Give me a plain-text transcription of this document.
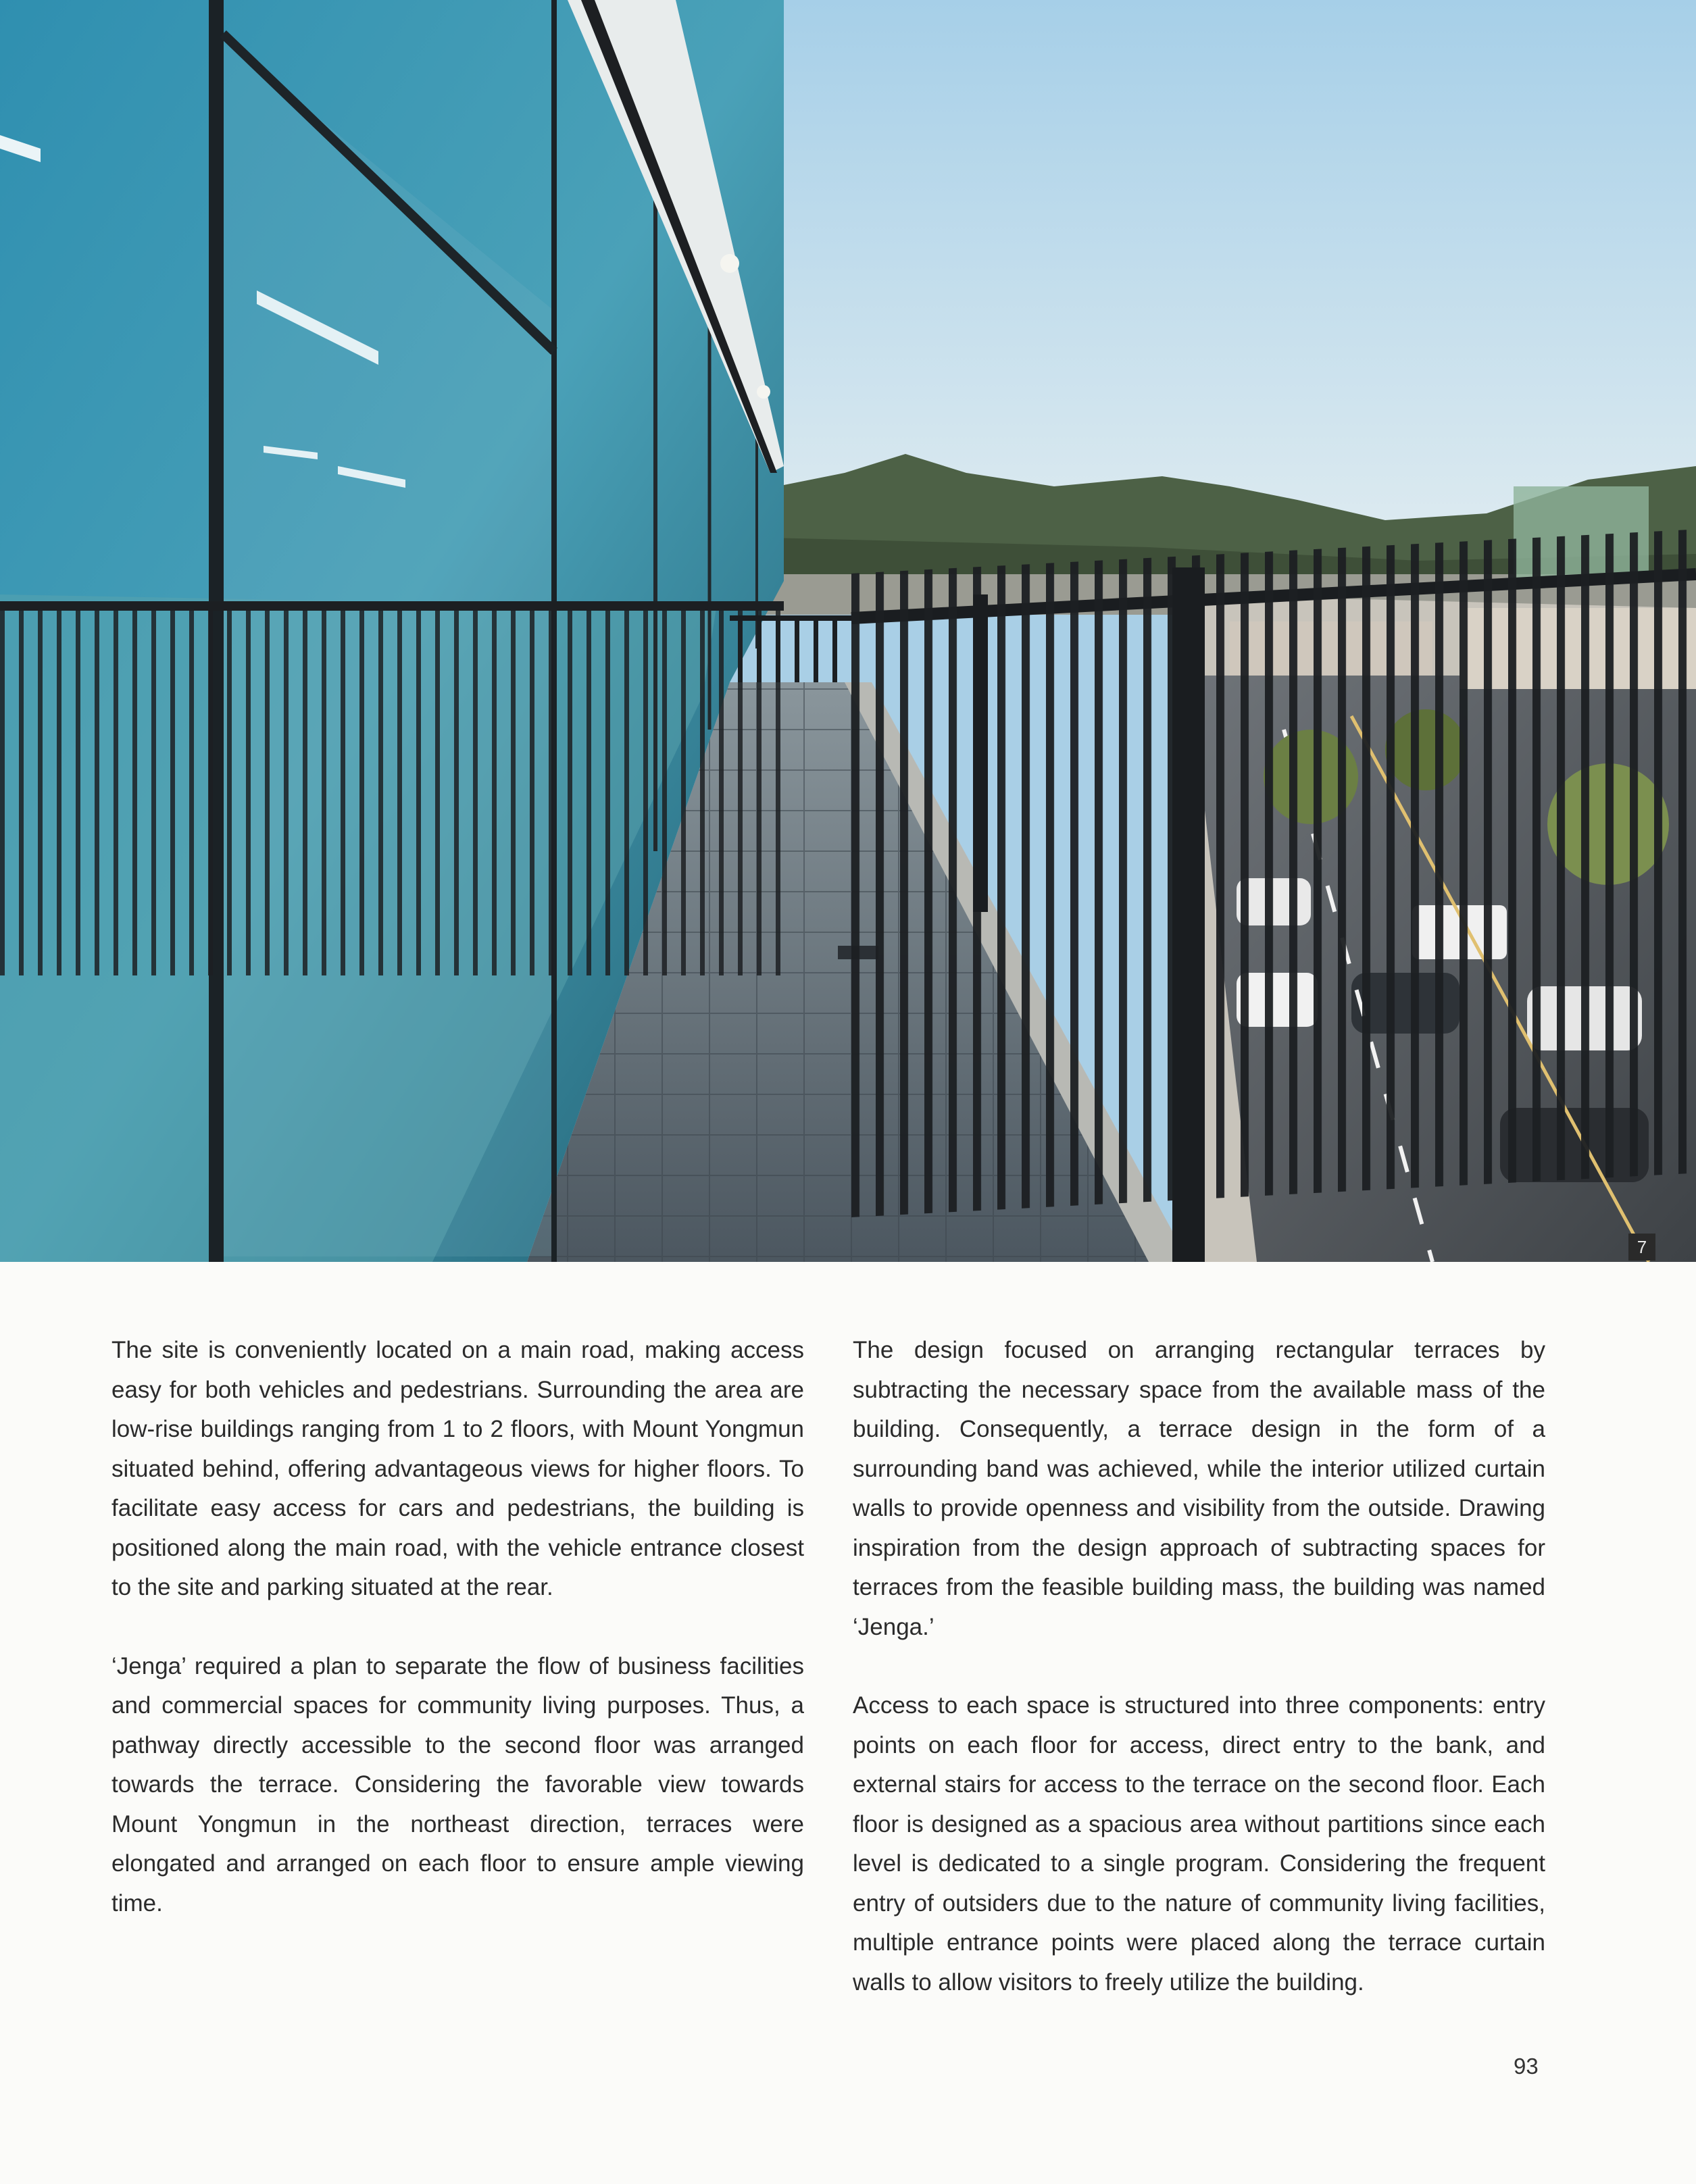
7

The site is conveniently located on a main road, making access easy for both vehicles and pedestrians. Surrounding the area are low-rise buildings ranging from 1 to 2 floors, with Mount Yongmun situated behind, offering advantageous views for higher floors. To facilitate easy access for cars and pedestrians, the building is positioned along the main road, with the vehicle entrance closest to the site and parking situated at the rear.

‘Jenga’ required a plan to separate the flow of business facilities and commercial spaces for community living purposes. Thus, a pathway directly accessible to the second floor was arranged towards the terrace. Considering the favorable view towards Mount Yongmun in the northeast direction, terraces were elongated and arranged on each floor to ensure ample viewing time.

The design focused on arranging rectangular terraces by subtracting the necessary space from the available mass of the building. Consequently, a terrace design in the form of a surrounding band was achieved, while the interior utilized curtain walls to provide openness and visibility from the outside. Drawing inspiration from the design approach of subtracting spaces for terraces from the feasible building mass, the building was named ‘Jenga.’

Access to each space is structured into three components: entry points on each floor for access, direct entry to the bank, and external stairs for access to the terrace on the second floor. Each floor is designed as a spacious area without partitions since each level is dedicated to a single program. Considering the frequent entry of outsiders due to the nature of community living facilities, multiple entrance points were placed along the terrace curtain walls to allow visitors to freely utilize the building.

93
